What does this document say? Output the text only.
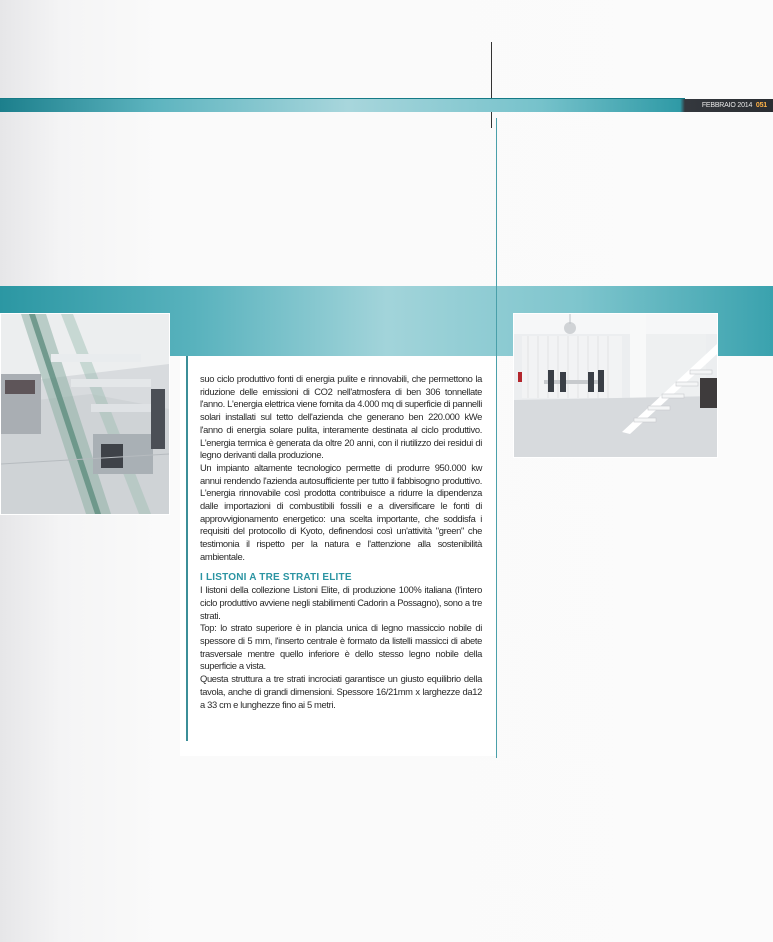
FEBBRAIO 2014 051

suo ciclo produttivo fonti di energia pulite e rinnovabili, che permettono la riduzione delle emissioni di CO2 nell'atmosfera di ben 306 tonnellate l'anno. L'energia elettrica viene fornita da 4.000 mq di superficie di pannelli solari installati sul tetto dell'azienda che generano ben 220.000 kWe l'anno di energia solare pulita, interamente destinata al ciclo produttivo. L'energia termica è generata da oltre 20 anni, con il riutilizzo dei residui di legno derivanti dalla produzione.

Un impianto altamente tecnologico permette di produrre 950.000 kw annui rendendo l'azienda autosufficiente per tutto il fabbisogno produttivo. L'energia rinnovabile così prodotta contribuisce a ridurre la dipendenza dalle importazioni di combustibili fossili e a diversificare le fonti di approvvigionamento energetico: una scelta importante, che soddisfa i requisiti del protocollo di Kyoto, definendosi così un'attività "green" che testimonia il rispetto per la natura e l'attenzione alla sostenibilità ambientale.

I LISTONI A TRE STRATI ELITE

I listoni della collezione Listoni Elite, di produzione 100% italiana (l'intero ciclo produttivo avviene negli stabilimenti Cadorin a Possagno), sono a tre strati.

Top: lo strato superiore è in plancia unica di legno massiccio nobile di spessore di 5 mm, l'inserto centrale è formato da listelli massicci di abete trasversale mentre quello inferiore è dello stesso legno nobile della superficie a vista.

Questa struttura a tre strati incrociati garantisce un giusto equilibrio della tavola, anche di grandi dimensioni. Spessore 16/21mm x larghezze da12 a 33 cm e lunghezze fino ai 5 metri.
